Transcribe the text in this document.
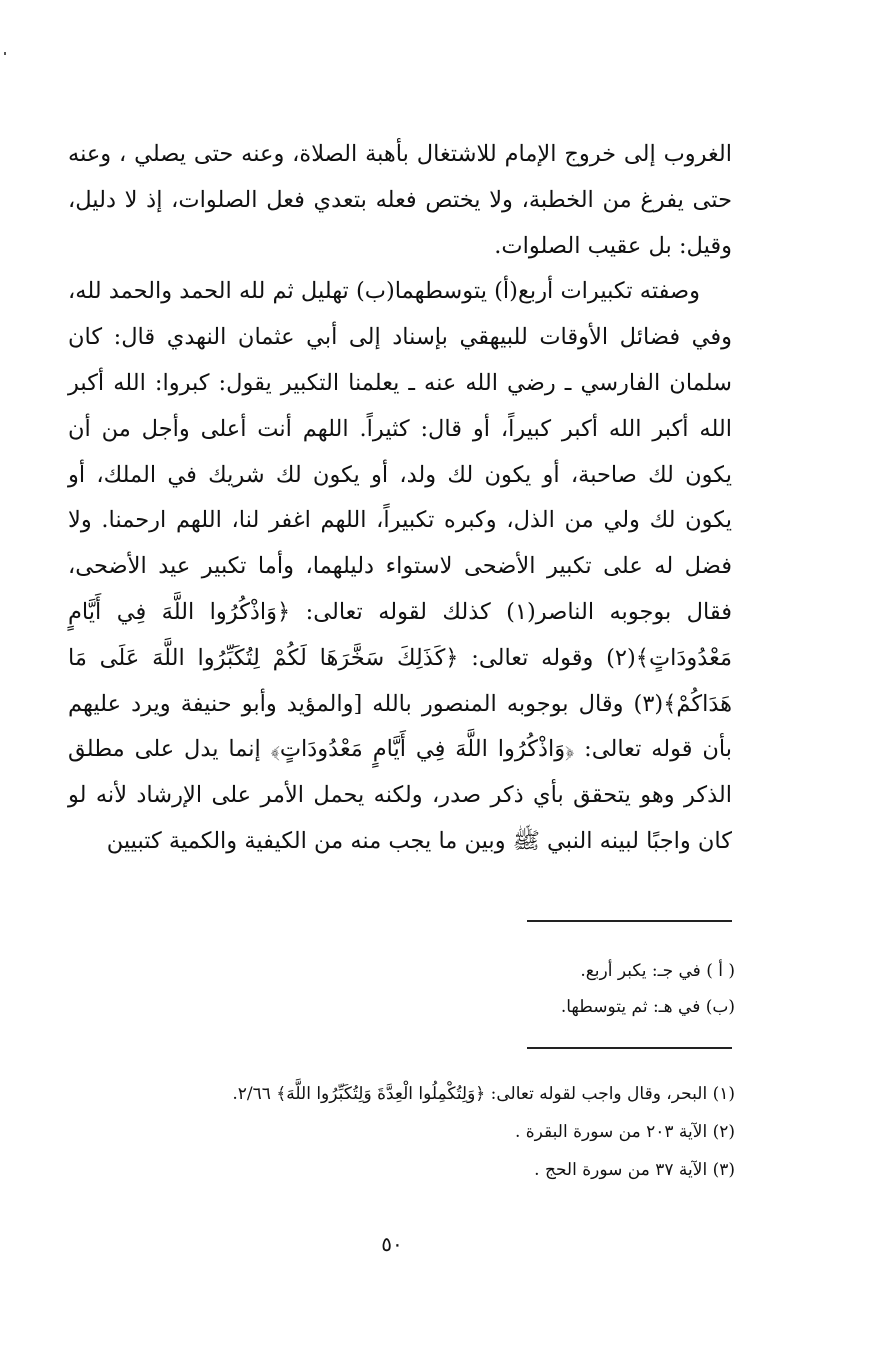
الغروب إلى خروج الإمام للاشتغال بأهبة الصلاة، وعنه حتى يصلي ، وعنه حتى يفرغ من الخطبة، ولا يختص فعله بتعدي فعل الصلوات، إذ لا دليل، وقيل: بل عقيب الصلوات.

وصفته تكبيرات أربع(أ) يتوسطهما(ب) تهليل ثم لله الحمد والحمد لله، وفي فضائل الأوقات للبيهقي بإسناد إلى أبي عثمان النهدي قال: كان سلمان الفارسي ـ رضي الله عنه ـ يعلمنا التكبير يقول: كبروا: الله أكبر الله أكبر الله أكبر كبيراً، أو قال: كثيراً. اللهم أنت أعلى وأجل من أن يكون لك صاحبة، أو يكون لك ولد، أو يكون لك شريك في الملك، أو يكون لك ولي من الذل، وكبره تكبيراً، اللهم اغفر لنا، اللهم ارحمنا. ولا فضل له على تكبير الأضحى لاستواء دليلهما، وأما تكبير عيد الأضحى، فقال بوجوبه الناصر(١) كذلك لقوله تعالى: ﴿وَاذْكُرُوا اللَّهَ فِي أَيَّامٍ مَعْدُودَاتٍ﴾(٢) وقوله تعالى: ﴿كَذَلِكَ سَخَّرَهَا لَكُمْ لِتُكَبِّرُوا اللَّهَ عَلَى مَا هَدَاكُمْ﴾(٣) وقال بوجوبه المنصور بالله [والمؤيد وأبو حنيفة ويرد عليهم بأن قوله تعالى: ﴿وَاذْكُرُوا اللَّهَ فِي أَيَّامٍ مَعْدُودَاتٍ﴾ إنما يدل على مطلق الذكر وهو يتحقق بأي ذكر صدر، ولكنه يحمل الأمر على الإرشاد لأنه لو كان واجبًا لبينه النبي ﷺ وبين ما يجب منه من الكيفية والكمية كتبيين

( أ ) في جـ: يكبر أربع.

(ب) في هـ: ثم يتوسطها.

(١) البحر، وقال واجب لقوله تعالى: ﴿وَلِتُكْمِلُوا الْعِدَّةَ وَلِتُكَبِّرُوا اللَّهَ﴾ ٢/٦٦.

(٢) الآية ٢٠٣ من سورة البقرة .

(٣) الآية ٣٧ من سورة الحج .

٥٠
